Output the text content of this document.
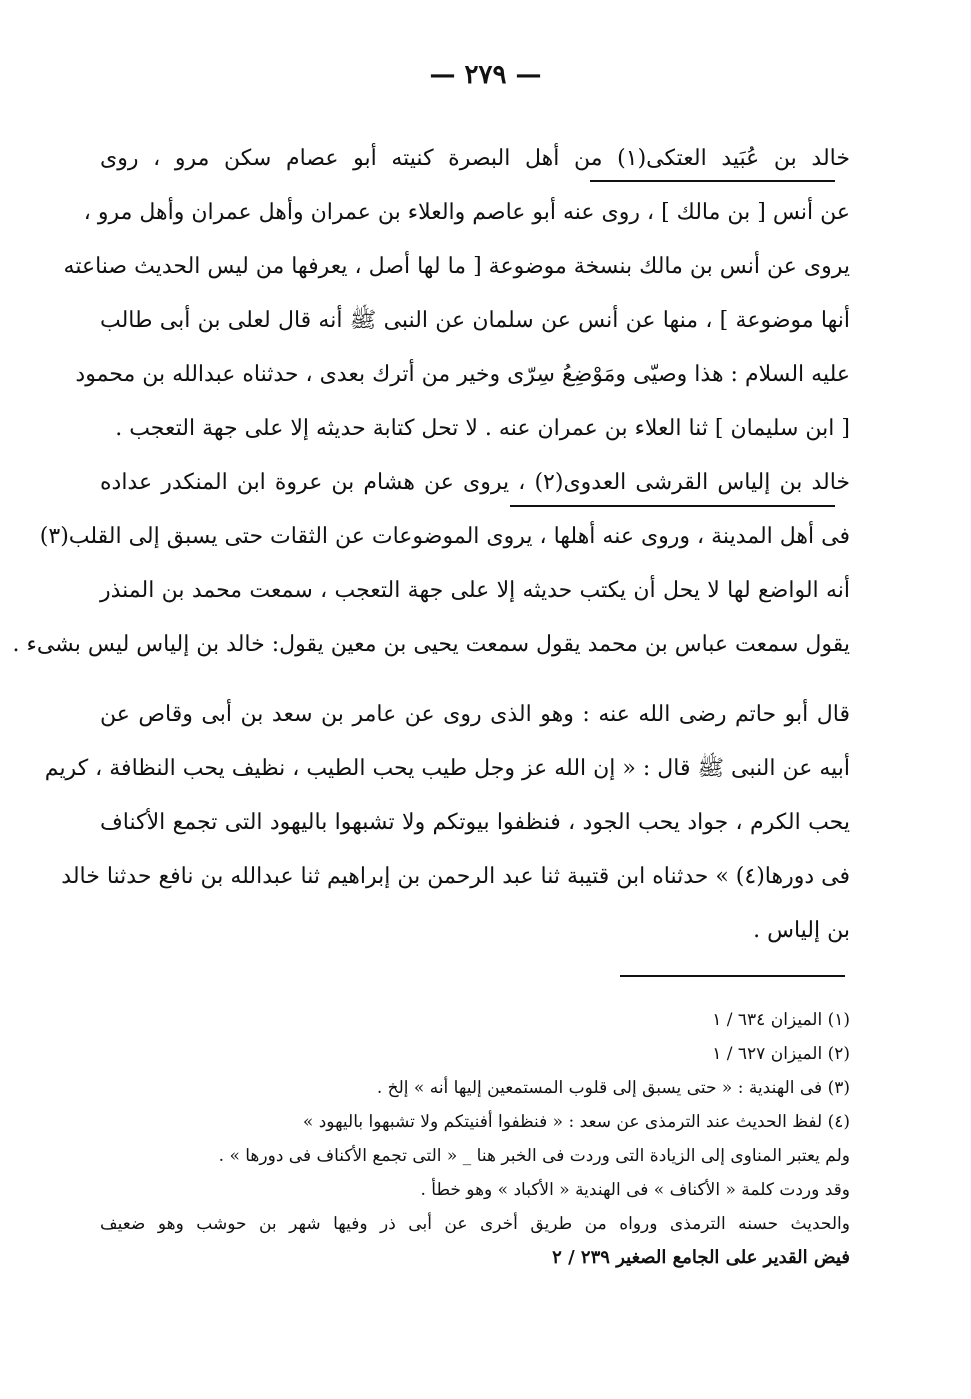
— ٢٧٩ —
خالد بن عُبَيد العتكى(١) من أهل البصرة كنيته أبو عصام سكن مرو ، روى
عن أنس [ بن مالك ] ، روى عنه أبو عاصم والعلاء بن عمران وأهل عمران وأهل مرو ،
يروى عن أنس بن مالك بنسخة موضوعة [ ما لها أصل ، يعرفها من ليس الحديث صناعته
أنها موضوعة ] ، منها عن أنس عن سلمان عن النبى ﷺ أنه قال لعلى بن أبى طالب
عليه السلام : هذا وصيّى ومَوْضِعُ سِرّى وخير من أترك بعدى ، حدثناه عبدالله بن محمود
[ ابن سليمان ] ثنا العلاء بن عمران عنه . لا تحل كتابة حديثه إلا على جهة التعجب .
خالد بن إلياس القرشى العدوى(٢) ، يروى عن هشام بن عروة ابن المنكدر عداده
فى أهل المدينة ، وروى عنه أهلها ، يروى الموضوعات عن الثقات حتى يسبق إلى القلب(٣)
أنه الواضع لها لا يحل أن يكتب حديثه إلا على جهة التعجب ، سمعت محمد بن المنذر
يقول سمعت عباس بن محمد يقول سمعت يحيى بن معين يقول: خالد بن إلياس ليس بشىء .
قال أبو حاتم رضى الله عنه : وهو الذى روى عن عامر بن سعد بن أبى وقاص عن
أبيه عن النبى ﷺ قال : « إن الله عز وجل طيب يحب الطيب ، نظيف يحب النظافة ، كريم
يحب الكرم ، جواد يحب الجود ، فنظفوا بيوتكم ولا تشبهوا باليهود التى تجمع الأكناف
فى دورها(٤) » حدثناه ابن قتيبة ثنا عبد الرحمن بن إبراهيم ثنا عبدالله بن نافع حدثنا خالد
بن إلياس .
(١) الميزان ٦٣٤ / ١
(٢) الميزان ٦٢٧ / ١
(٣) فى الهندية : « حتى يسبق إلى قلوب المستمعين إليها أنه » إلخ .
(٤) لفظ الحديث عند الترمذى عن سعد : « فنظفوا أفنيتكم ولا تشبهوا باليهود »
ولم يعتبر المناوى إلى الزيادة التى وردت فى الخبر هنا _ « التى تجمع الأكناف فى دورها » .
وقد وردت كلمة « الأكناف » فى الهندية « الأكباد » وهو خطأ .
والحديث حسنه الترمذى ورواه من طريق أخرى عن أبى ذر وفيها شهر بن حوشب وهو ضعيف
فيض القدير على الجامع الصغير ٢٣٩ / ٢
